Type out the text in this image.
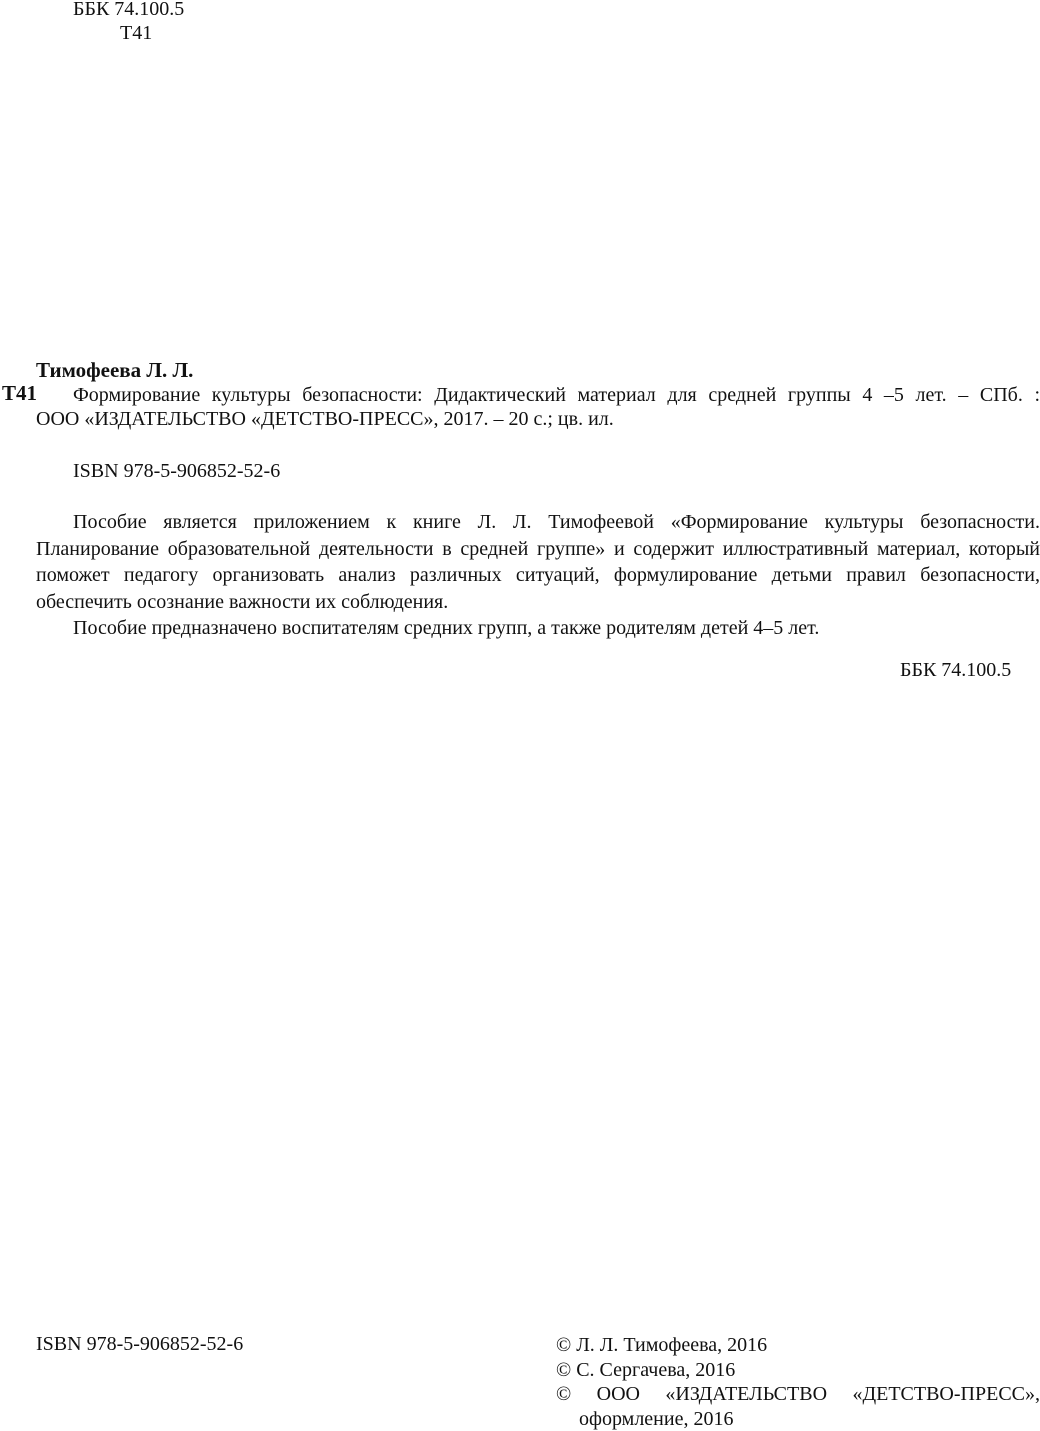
ББК 74.100.5
Т41
Тимофеева Л. Л.
Т41	Формирование культуры безопасности: Дидактический материал для средней группы 4 –5 лет. – СПб. :
ООО «ИЗДАТЕЛЬСТВО «ДЕТСТВО-ПРЕСС», 2017. – 20 с.; цв. ил.
ISBN 978-5-906852-52-6

Пособие является приложением к книге Л. Л. Тимофеевой «Формирование культуры безопасности. Планирование образовательной деятельности в средней группе» и содержит иллюстративный материал, который поможет педагогу организовать анализ различных ситуаций, формулирование детьми правил безопасности, обеспечить осознание важности их соблюдения.

Пособие предназначено воспитателям средних групп, а также родителям детей 4–5 лет.

ББК 74.100.5
ISBN 978-5-906852-52-6	© Л. Л. Тимофеева, 2016
© С. Сергачева, 2016
© ООО «ИЗДАТЕЛЬСТВО «ДЕТСТВО-ПРЕСС»,
оформление, 2016
